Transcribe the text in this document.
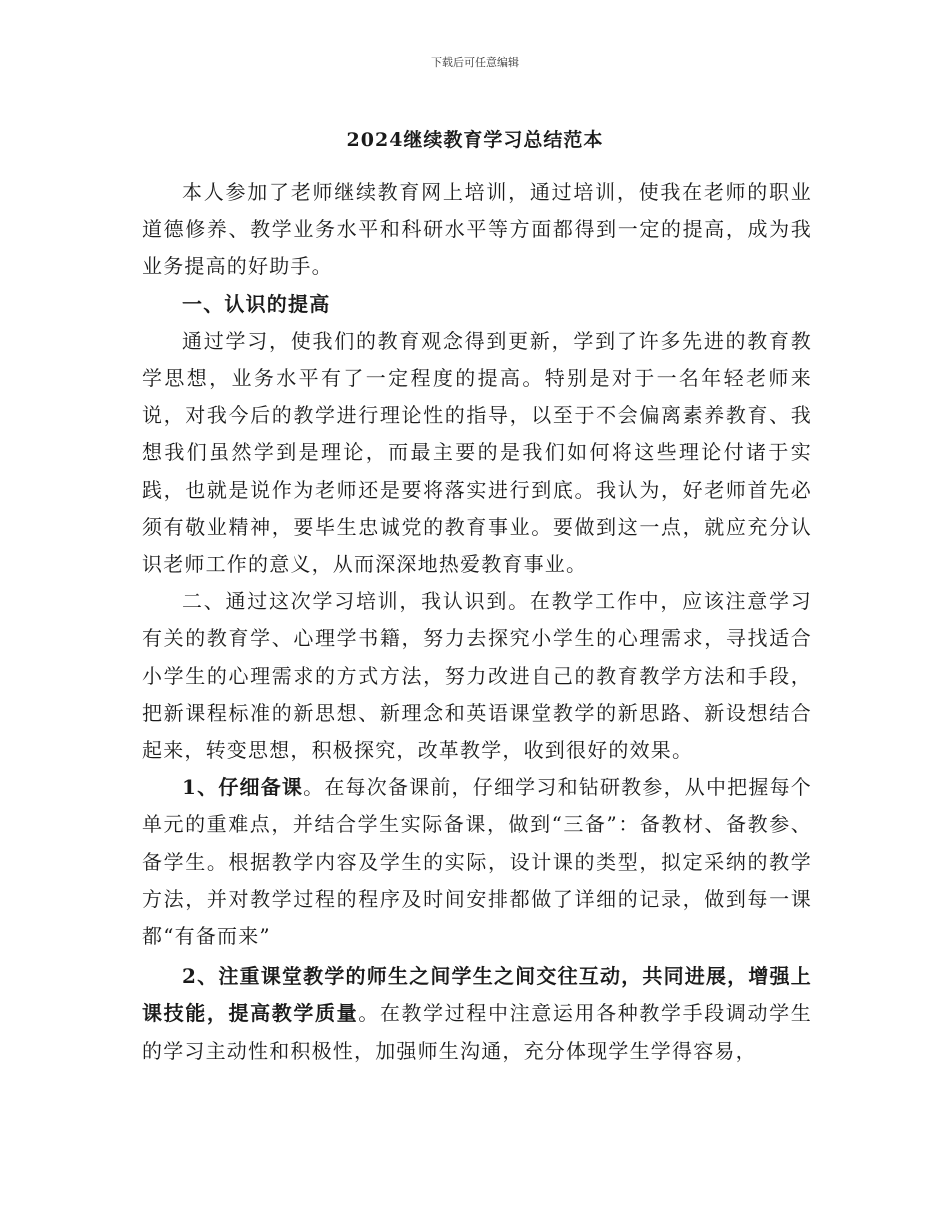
下载后可任意编辑
2024继续教育学习总结范本

本人参加了老师继续教育网上培训，通过培训，使我在老师的职业道德修养、教学业务水平和科研水平等方面都得到一定的提高，成为我业务提高的好助手。

一、认识的提高

通过学习，使我们的教育观念得到更新，学到了许多先进的教育教学思想，业务水平有了一定程度的提高。特别是对于一名年轻老师来说，对我今后的教学进行理论性的指导，以至于不会偏离素养教育、我想我们虽然学到是理论，而最主要的是我们如何将这些理论付诸于实践，也就是说作为老师还是要将落实进行到底。我认为，好老师首先必须有敬业精神，要毕生忠诚党的教育事业。要做到这一点，就应充分认识老师工作的意义，从而深深地热爱教育事业。

二、通过这次学习培训，我认识到。在教学工作中，应该注意学习有关的教育学、心理学书籍，努力去探究小学生的心理需求，寻找适合小学生的心理需求的方式方法，努力改进自己的教育教学方法和手段，把新课程标准的新思想、新理念和英语课堂教学的新思路、新设想结合起来，转变思想，积极探究，改革教学，收到很好的效果。

1、仔细备课。在每次备课前，仔细学习和钻研教参，从中把握每个单元的重难点，并结合学生实际备课，做到“三备”：备教材、备教参、备学生。根据教学内容及学生的实际，设计课的类型，拟定采纳的教学方法，并对教学过程的程序及时间安排都做了详细的记录，做到每一课都“有备而来”

2、注重课堂教学的师生之间学生之间交往互动，共同进展，增强上课技能，提高教学质量。在教学过程中注意运用各种教学手段调动学生的学习主动性和积极性，加强师生沟通，充分体现学生学得容易，
